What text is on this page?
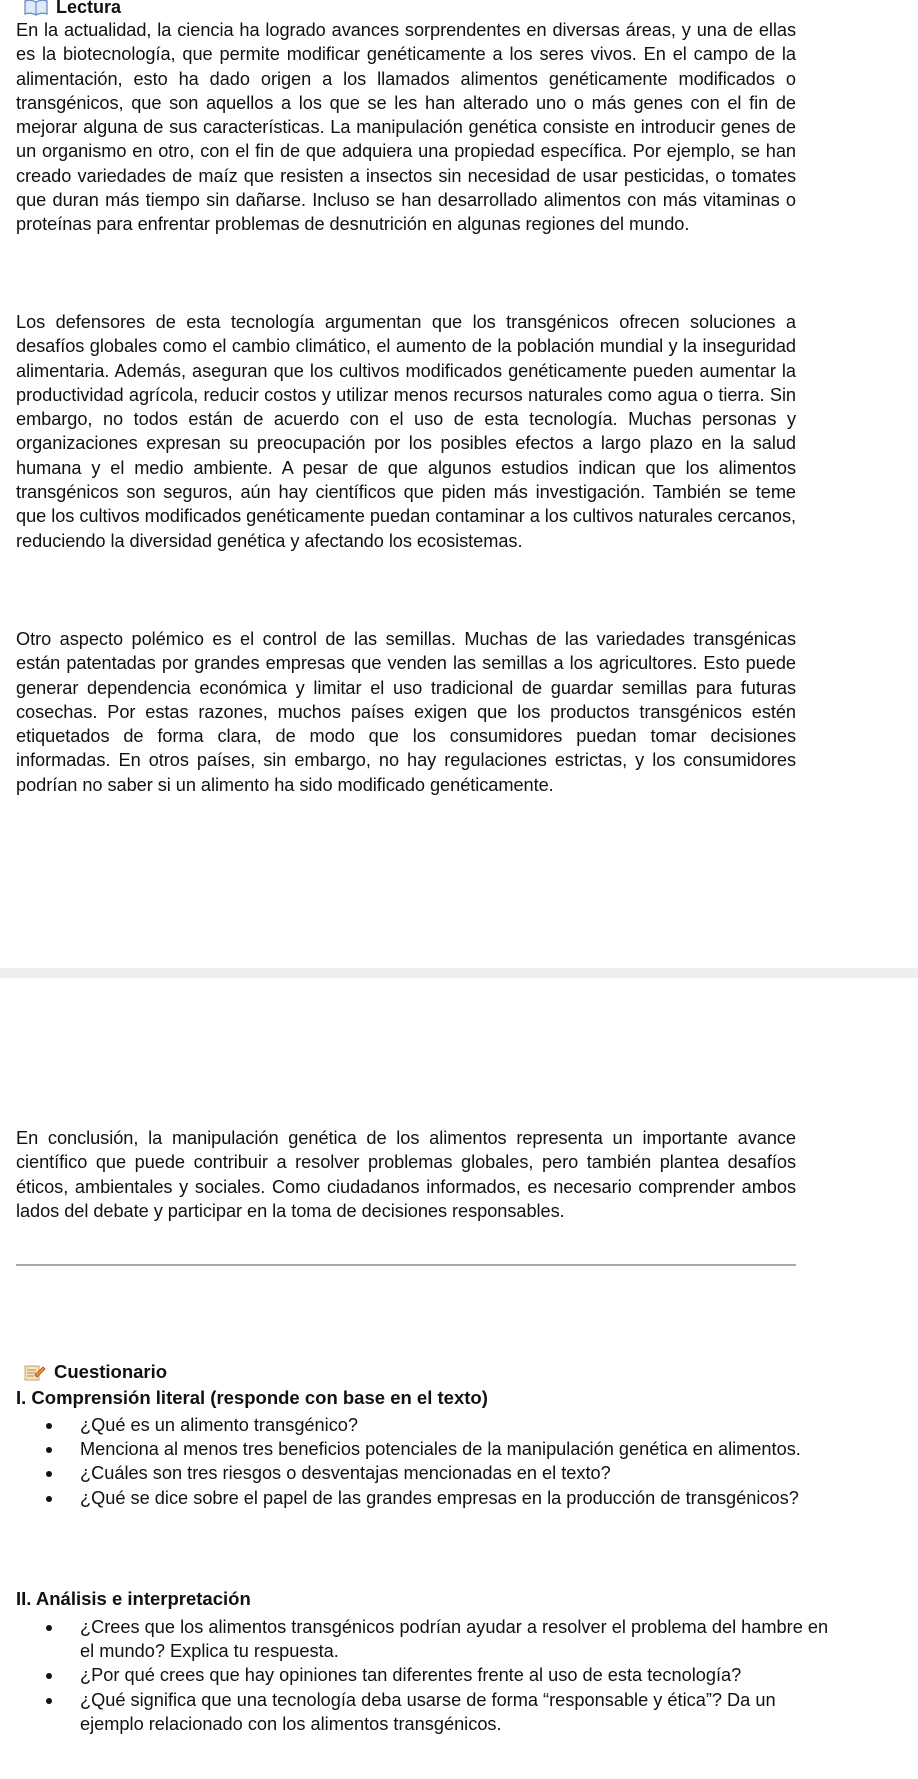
Lectura

En la actualidad, la ciencia ha logrado avances sorprendentes en diversas áreas, y una de ellas es la biotecnología, que permite modificar genéticamente a los seres vivos. En el campo de la alimentación, esto ha dado origen a los llamados alimentos genéticamente modificados o transgénicos, que son aquellos a los que se les han alterado uno o más genes con el fin de mejorar alguna de sus características. La manipulación genética consiste en introducir genes de un organismo en otro, con el fin de que adquiera una propiedad específica. Por ejemplo, se han creado variedades de maíz que resisten a insectos sin necesidad de usar pesticidas, o tomates que duran más tiempo sin dañarse. Incluso se han desarrollado alimentos con más vitaminas o proteínas para enfrentar problemas de desnutrición en algunas regiones del mundo.

Los defensores de esta tecnología argumentan que los transgénicos ofrecen soluciones a desafíos globales como el cambio climático, el aumento de la población mundial y la inseguridad alimentaria. Además, aseguran que los cultivos modificados genéticamente pueden aumentar la productividad agrícola, reducir costos y utilizar menos recursos naturales como agua o tierra. Sin embargo, no todos están de acuerdo con el uso de esta tecnología. Muchas personas y organizaciones expresan su preocupación por los posibles efectos a largo plazo en la salud humana y el medio ambiente. A pesar de que algunos estudios indican que los alimentos transgénicos son seguros, aún hay científicos que piden más investigación. También se teme que los cultivos modificados genéticamente puedan contaminar a los cultivos naturales cercanos, reduciendo la diversidad genética y afectando los ecosistemas.

Otro aspecto polémico es el control de las semillas. Muchas de las variedades transgénicas están patentadas por grandes empresas que venden las semillas a los agricultores. Esto puede generar dependencia económica y limitar el uso tradicional de guardar semillas para futuras cosechas. Por estas razones, muchos países exigen que los productos transgénicos estén etiquetados de forma clara, de modo que los consumidores puedan tomar decisiones informadas. En otros países, sin embargo, no hay regulaciones estrictas, y los consumidores podrían no saber si un alimento ha sido modificado genéticamente.

En conclusión, la manipulación genética de los alimentos representa un importante avance científico que puede contribuir a resolver problemas globales, pero también plantea desafíos éticos, ambientales y sociales. Como ciudadanos informados, es necesario comprender ambos lados del debate y participar en la toma de decisiones responsables.

Cuestionario
I. Comprensión literal (responde con base en el texto)
¿Qué es un alimento transgénico?
Menciona al menos tres beneficios potenciales de la manipulación genética en alimentos.
¿Cuáles son tres riesgos o desventajas mencionadas en el texto?
¿Qué se dice sobre el papel de las grandes empresas en la producción de transgénicos?
II. Análisis e interpretación
¿Crees que los alimentos transgénicos podrían ayudar a resolver el problema del hambre en el mundo? Explica tu respuesta.
¿Por qué crees que hay opiniones tan diferentes frente al uso de esta tecnología?
¿Qué significa que una tecnología deba usarse de forma “responsable y ética”? Da un ejemplo relacionado con los alimentos transgénicos.
